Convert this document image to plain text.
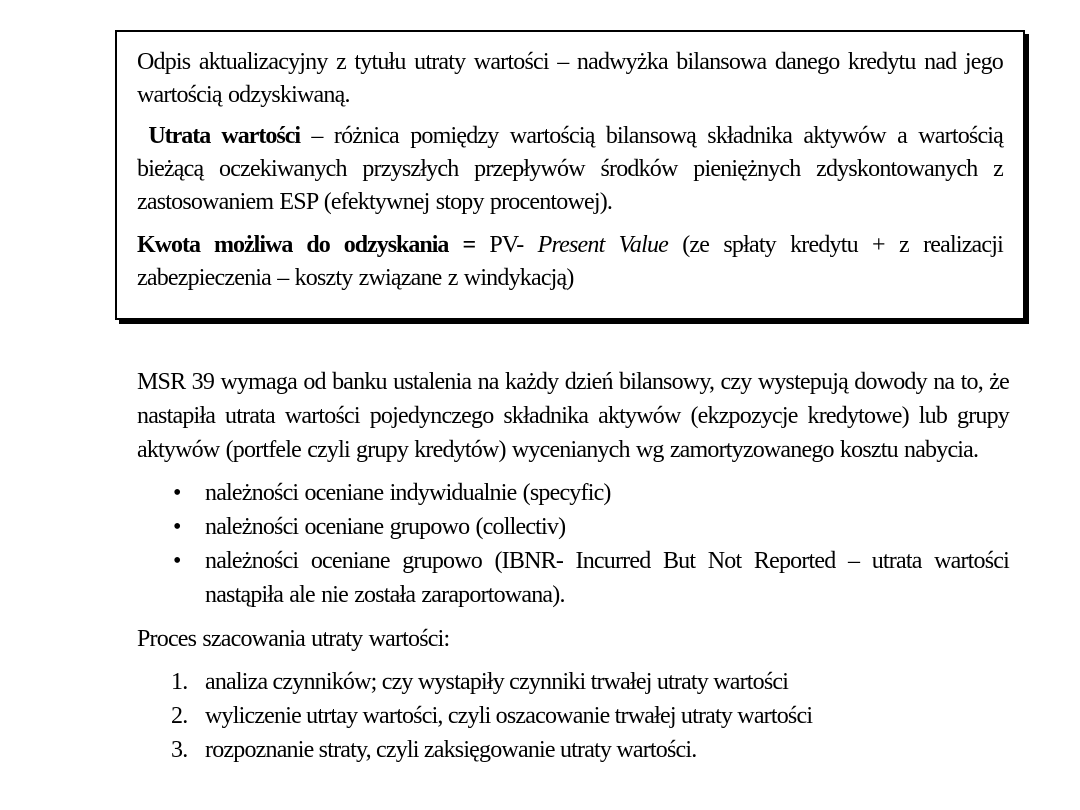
Odpis aktualizacyjny z tytułu utraty wartości – nadwyżka bilansowa danego kredytu nad jego wartością odzyskiwaną.

Utrata wartości – różnica pomiędzy wartością bilansową składnika aktywów a wartością bieżącą oczekiwanych przyszłych przepływów środków pieniężnych zdyskontowanych z zastosowaniem ESP (efektywnej stopy procentowej).

Kwota możliwa do odzyskania = PV- Present Value (ze spłaty kredytu + z realizacji zabezpieczenia – koszty związane z windykacją)

MSR 39 wymaga od banku ustalenia na każdy dzień bilansowy, czy wystepują dowody na to, że nastapiła utrata wartości pojedynczego składnika aktywów (ekzpozycje kredytowe) lub grupy aktywów (portfele czyli grupy kredytów) wycenianych wg zamortyzowanego kosztu nabycia.

• należności oceniane indywidualnie (specyfic)
• należności oceniane grupowo (collectiv)
• należności oceniane grupowo (IBNR- Incurred But Not Reported – utrata wartości nastąpiła ale nie została zaraportowana).

Proces szacowania utraty wartości:

1. analiza czynników; czy wystapiły czynniki trwałej utraty wartości
2. wyliczenie utrtay wartości, czyli oszacowanie trwałej utraty wartości
3. rozpoznanie straty, czyli zaksięgowanie utraty wartości.
